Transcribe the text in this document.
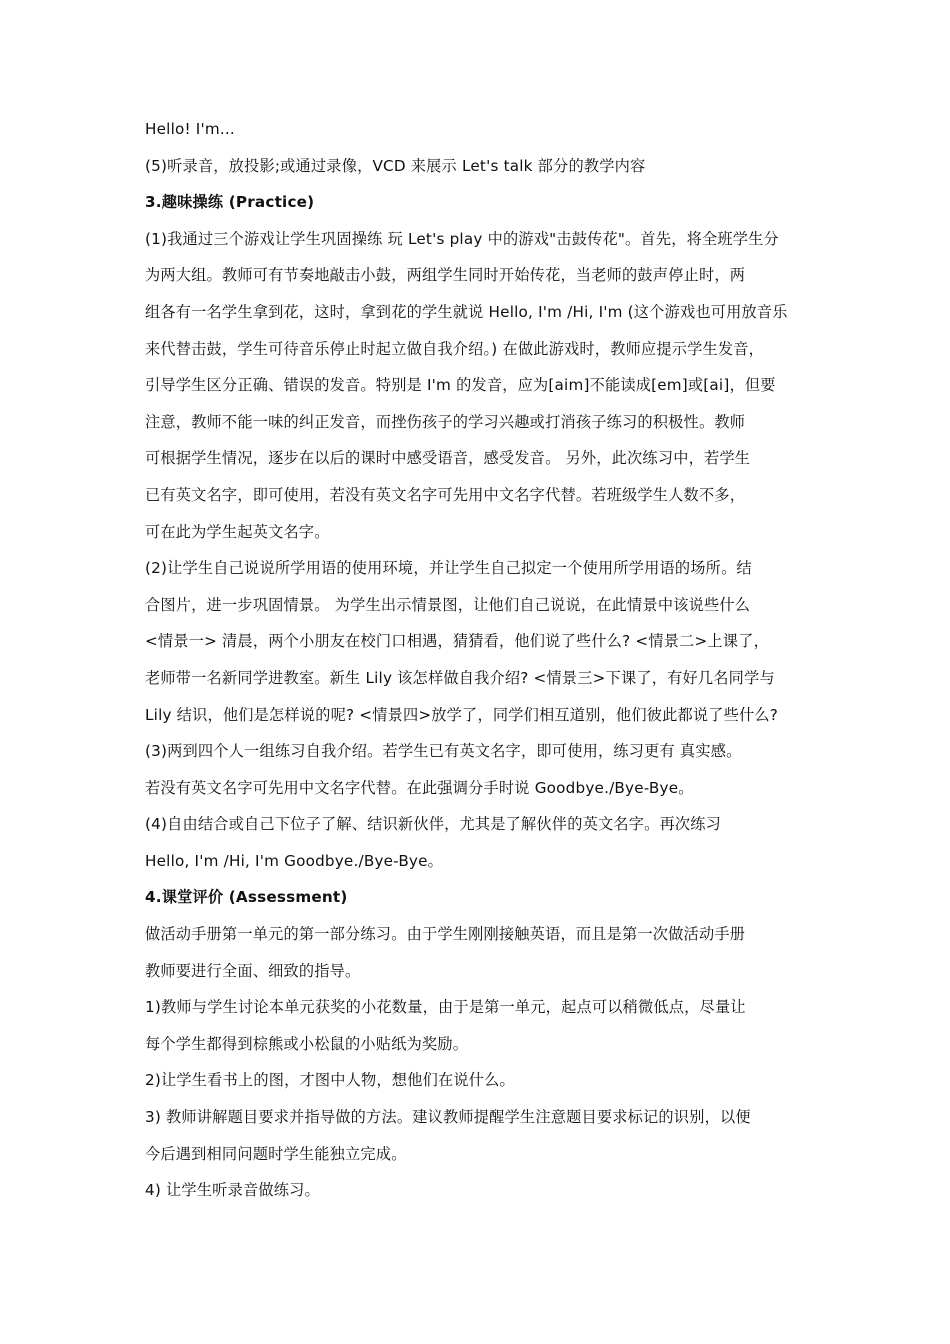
Hello! I'm...
(5)听录音，放投影;或通过录像，VCD 来展示 Let's talk 部分的教学内容
3.趣味操练 (Practice)
(1)我通过三个游戏让学生巩固操练 玩 Let's play 中的游戏"击鼓传花"。首先，将全班学生分
为两大组。教师可有节奏地敲击小鼓，两组学生同时开始传花，当老师的鼓声停止时，两
组各有一名学生拿到花，这时，拿到花的学生就说 Hello, I'm /Hi, I'm (这个游戏也可用放音乐
来代替击鼓，学生可待音乐停止时起立做自我介绍。) 在做此游戏时，教师应提示学生发音，
引导学生区分正确、错误的发音。特别是 I'm 的发音，应为[aim]不能读成[em]或[ai]，但要
注意，教师不能一味的纠正发音，而挫伤孩子的学习兴趣或打消孩子练习的积极性。教师
可根据学生情况，逐步在以后的课时中感受语音，感受发音。 另外，此次练习中，若学生
已有英文名字，即可使用，若没有英文名字可先用中文名字代替。若班级学生人数不多，
可在此为学生起英文名字。
(2)让学生自己说说所学用语的使用环境，并让学生自己拟定一个使用所学用语的场所。结
合图片，进一步巩固情景。 为学生出示情景图，让他们自己说说，在此情景中该说些什么
<情景一> 清晨，两个小朋友在校门口相遇，猜猜看，他们说了些什么? <情景二>上课了，
老师带一名新同学进教室。新生 Lily 该怎样做自我介绍? <情景三>下课了，有好几名同学与
Lily 结识，他们是怎样说的呢? <情景四>放学了，同学们相互道别，他们彼此都说了些什么?
(3)两到四个人一组练习自我介绍。若学生已有英文名字，即可使用，练习更有 真实感。
若没有英文名字可先用中文名字代替。在此强调分手时说 Goodbye./Bye-Bye。
(4)自由结合或自己下位子了解、结识新伙伴，尤其是了解伙伴的英文名字。再次练习
Hello, I'm /Hi, I'm Goodbye./Bye-Bye。
4.课堂评价 (Assessment)
做活动手册第一单元的第一部分练习。由于学生刚刚接触英语，而且是第一次做活动手册
教师要进行全面、细致的指导。
1)教师与学生讨论本单元获奖的小花数量，由于是第一单元，起点可以稍微低点，尽量让
每个学生都得到棕熊或小松鼠的小贴纸为奖励。
2)让学生看书上的图，才图中人物，想他们在说什么。
3) 教师讲解题目要求并指导做的方法。建议教师提醒学生注意题目要求标记的识别，以便
今后遇到相同问题时学生能独立完成。
4) 让学生听录音做练习。
